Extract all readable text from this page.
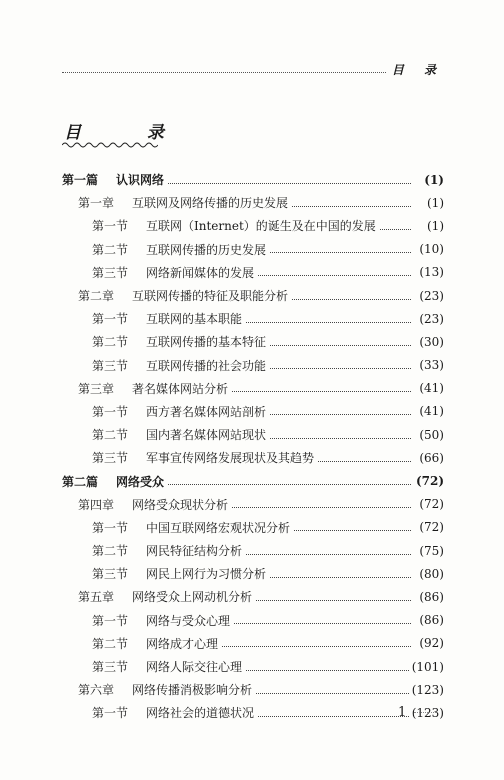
目 录
目 录
第一篇	认识网络	(1)
第一章	互联网及网络传播的历史发展	(1)
第一节	互联网（Internet）的诞生及在中国的发展	(1)
第二节	互联网传播的历史发展	(10)
第三节	网络新闻媒体的发展	(13)
第二章	互联网传播的特征及职能分析	(23)
第一节	互联网的基本职能	(23)
第二节	互联网传播的基本特征	(30)
第三节	互联网传播的社会功能	(33)
第三章	著名媒体网站分析	(41)
第一节	西方著名媒体网站剖析	(41)
第二节	国内著名媒体网站现状	(50)
第三节	军事宣传网络发展现状及其趋势	(66)
第二篇	网络受众	(72)
第四章	网络受众现状分析	(72)
第一节	中国互联网络宏观状况分析	(72)
第二节	网民特征结构分析	(75)
第三节	网民上网行为习惯分析	(80)
第五章	网络受众上网动机分析	(86)
第一节	网络与受众心理	(86)
第二节	网络成才心理	(92)
第三节	网络人际交往心理	(101)
第六章	网络传播消极影响分析	(123)
第一节	网络社会的道德状况	(123)
1
